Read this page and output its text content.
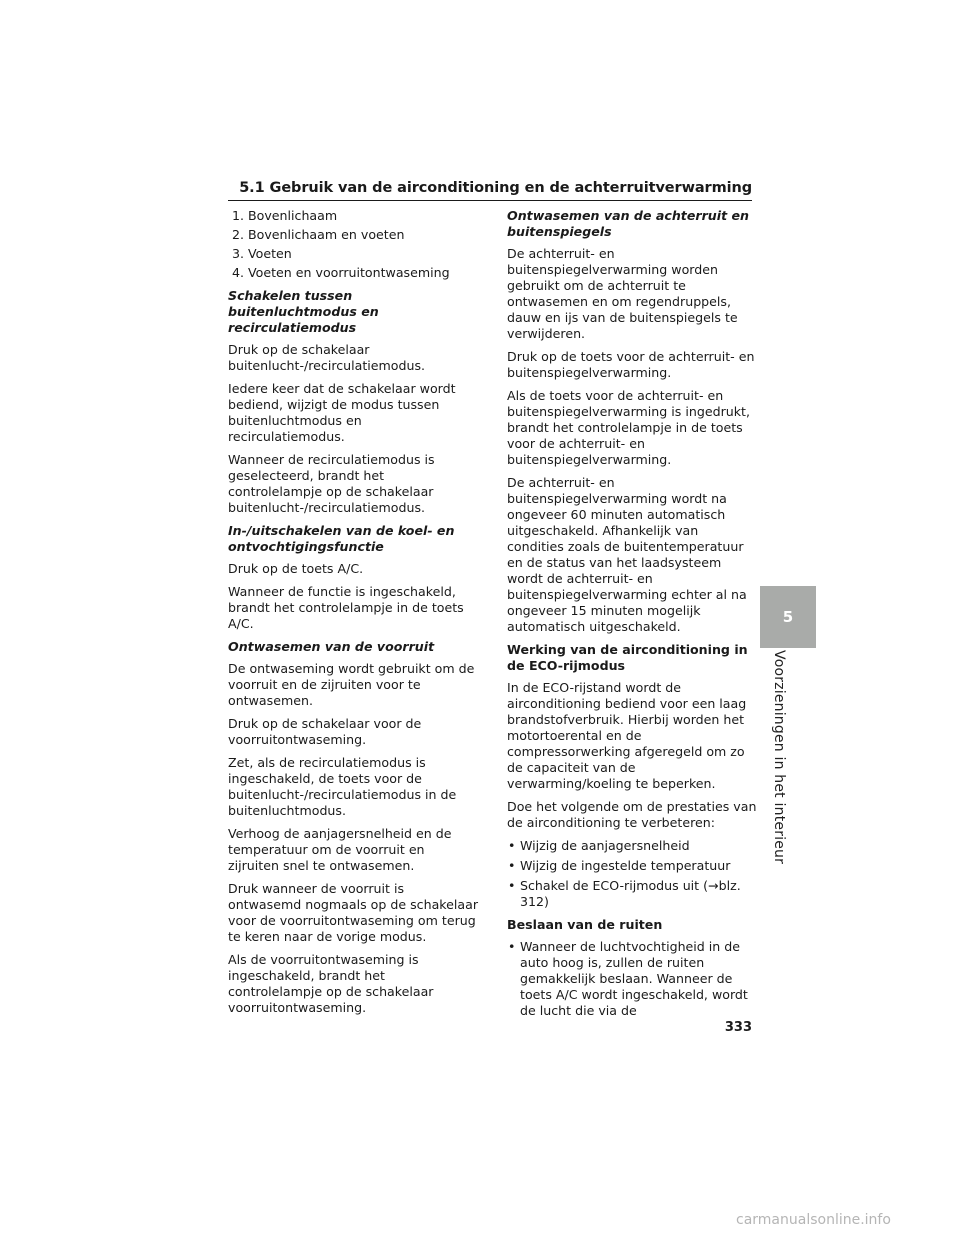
5.1 Gebruik van de airconditioning en de achterruitverwarming
1. Bovenlichaam
2. Bovenlichaam en voeten
3. Voeten
4. Voeten en voorruitontwaseming

Schakelen tussen buitenluchtmodus en recirculatiemodus

Druk op de schakelaar buitenlucht-/recirculatiemodus.

Iedere keer dat de schakelaar wordt bediend, wijzigt de modus tussen buitenluchtmodus en recirculatiemodus.

Wanneer de recirculatiemodus is geselecteerd, brandt het controlelampje op de schakelaar buitenlucht-/recirculatiemodus.

In-/uitschakelen van de koel- en ontvochtigingsfunctie

Druk op de toets A/C.

Wanneer de functie is ingeschakeld, brandt het controlelampje in de toets A/C.

Ontwasemen van de voorruit

De ontwaseming wordt gebruikt om de voorruit en de zijruiten voor te ontwasemen.

Druk op de schakelaar voor de voorruitontwaseming.

Zet, als de recirculatiemodus is ingeschakeld, de toets voor de buitenlucht-/recirculatiemodus in de buitenluchtmodus.

Verhoog de aanjagersnelheid en de temperatuur om de voorruit en zijruiten snel te ontwasemen.

Druk wanneer de voorruit is ontwasemd nogmaals op de schakelaar voor de voorruitontwaseming om terug te keren naar de vorige modus.

Als de voorruitontwaseming is ingeschakeld, brandt het controlelampje op de schakelaar voorruitontwaseming.

Ontwasemen van de achterruit en buitenspiegels

De achterruit- en buitenspiegelverwarming worden gebruikt om de achterruit te ontwasemen en om regendruppels, dauw en ijs van de buitenspiegels te verwijderen.

Druk op de toets voor de achterruit- en buitenspiegelverwarming.

Als de toets voor de achterruit- en buitenspiegelverwarming is ingedrukt, brandt het controlelampje in de toets voor de achterruit- en buitenspiegelverwarming.

De achterruit- en buitenspiegelverwarming wordt na ongeveer 60 minuten automatisch uitgeschakeld. Afhankelijk van condities zoals de buitentemperatuur en de status van het laadsysteem wordt de achterruit- en buitenspiegelverwarming echter al na ongeveer 15 minuten mogelijk automatisch uitgeschakeld.

Werking van de airconditioning in de ECO-rijmodus

In de ECO-rijstand wordt de airconditioning bediend voor een laag brandstofverbruik. Hierbij worden het motortoerental en de compressorwerking afgeregeld om zo de capaciteit van de verwarming/koeling te beperken.

Doe het volgende om de prestaties van de airconditioning te verbeteren:

• Wijzig de aanjagersnelheid
• Wijzig de ingestelde temperatuur
• Schakel de ECO-rijmodus uit (→blz. 312)

Beslaan van de ruiten

• Wanneer de luchtvochtigheid in de auto hoog is, zullen de ruiten gemakkelijk beslaan. Wanneer de toets A/C wordt ingeschakeld, wordt de lucht die via de
5
Voorzieningen in het interieur
333
carmanualsonline.info
